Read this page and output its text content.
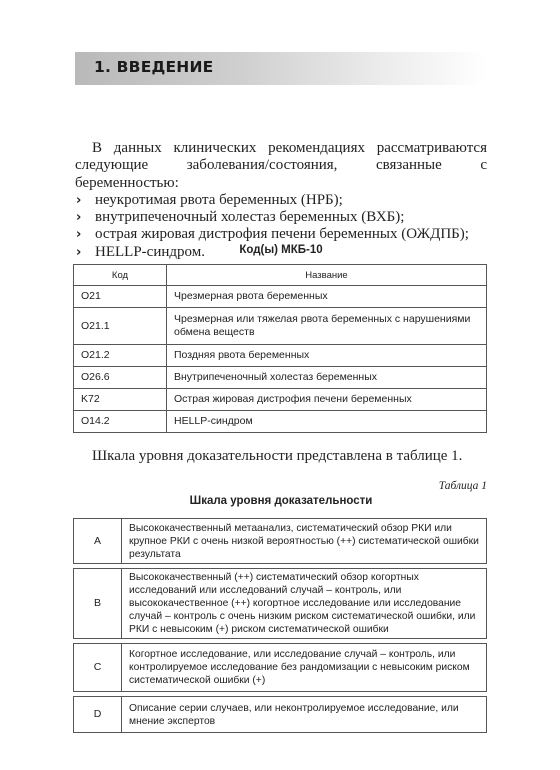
1. ВВЕДЕНИЕ

В данных клинических рекомендациях рассматриваются следующие заболевания/состояния, связанные с беременностью:

› неукротимая рвота беременных (НРБ);
› внутрипеченочный холестаз беременных (ВХБ);
› острая жировая дистрофия печени беременных (ОЖДПБ);
› HELLP-синдром.	Код(ы) МКБ-10
Код	Название
O21	Чрезмерная рвота беременных
O21.1	Чрезмерная или тяжелая рвота беременных с нарушениями обмена веществ
O21.2	Поздняя рвота беременных
O26.6	Внутрипеченочный холестаз беременных
K72	Острая жировая дистрофия печени беременных
O14.2	HELLP-синдром
Шкала уровня доказательности представлена в таблице 1.
Таблица 1
Шкала уровня доказательности
A	Высококачественный метаанализ, систематический обзор РКИ или крупное РКИ с очень низкой вероятностью (++) систематической ошибки результата
B	Высококачественный (++) систематический обзор когортных исследований или исследований случай – контроль, или высококачественное (++) когортное исследование или исследование случай – контроль с очень низким риском систематической ошибки, или РКИ с невысоким (+) риском систематической ошибки
C	Когортное исследование, или исследование случай – контроль, или контролируемое исследование без рандомизации с невысоким риском систематической ошибки (+)
D	Описание серии случаев, или неконтролируемое исследование, или мнение экспертов
